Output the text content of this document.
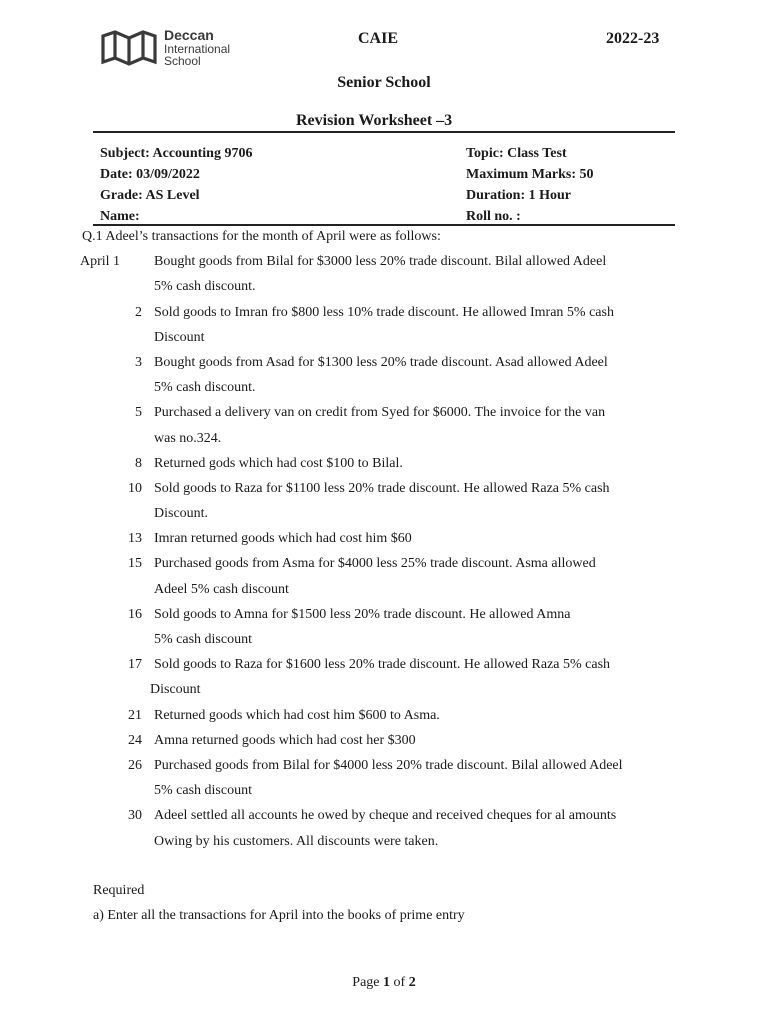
Deccan
International
School
CAIE	2022-23
Senior School
Revision Worksheet –3
Subject: Accounting 9706
Date: 03/09/2022
Grade: AS Level
Name:
Topic: Class Test
Maximum Marks: 50
Duration: 1 Hour
Roll no. :
Q.1 Adeel’s transactions for the month of April were as follows:
April 1 Bought goods from Bilal for $3000 less 20% trade discount. Bilal allowed Adeel
5% cash discount.
2 Sold goods to Imran fro $800 less 10% trade discount. He allowed Imran 5% cash
Discount
3 Bought goods from Asad for $1300 less 20% trade discount. Asad allowed Adeel
5% cash discount.
5 Purchased a delivery van on credit from Syed for $6000. The invoice for the van
was no.324.
8 Returned gods which had cost $100 to Bilal.
10 Sold goods to Raza for $1100 less 20% trade discount. He allowed Raza 5% cash
Discount.
13 Imran returned goods which had cost him $60
15 Purchased goods from Asma for $4000 less 25% trade discount. Asma allowed
Adeel 5% cash discount
16 Sold goods to Amna for $1500 less 20% trade discount. He allowed Amna
5% cash discount
17 Sold goods to Raza for $1600 less 20% trade discount. He allowed Raza 5% cash
Discount
21 Returned goods which had cost him $600 to Asma.
24 Amna returned goods which had cost her $300
26 Purchased goods from Bilal for $4000 less 20% trade discount. Bilal allowed Adeel
5% cash discount
30 Adeel settled all accounts he owed by cheque and received cheques for al amounts
Owing by his customers. All discounts were taken.
Required
a) Enter all the transactions for April into the books of prime entry
Page 1 of 2
